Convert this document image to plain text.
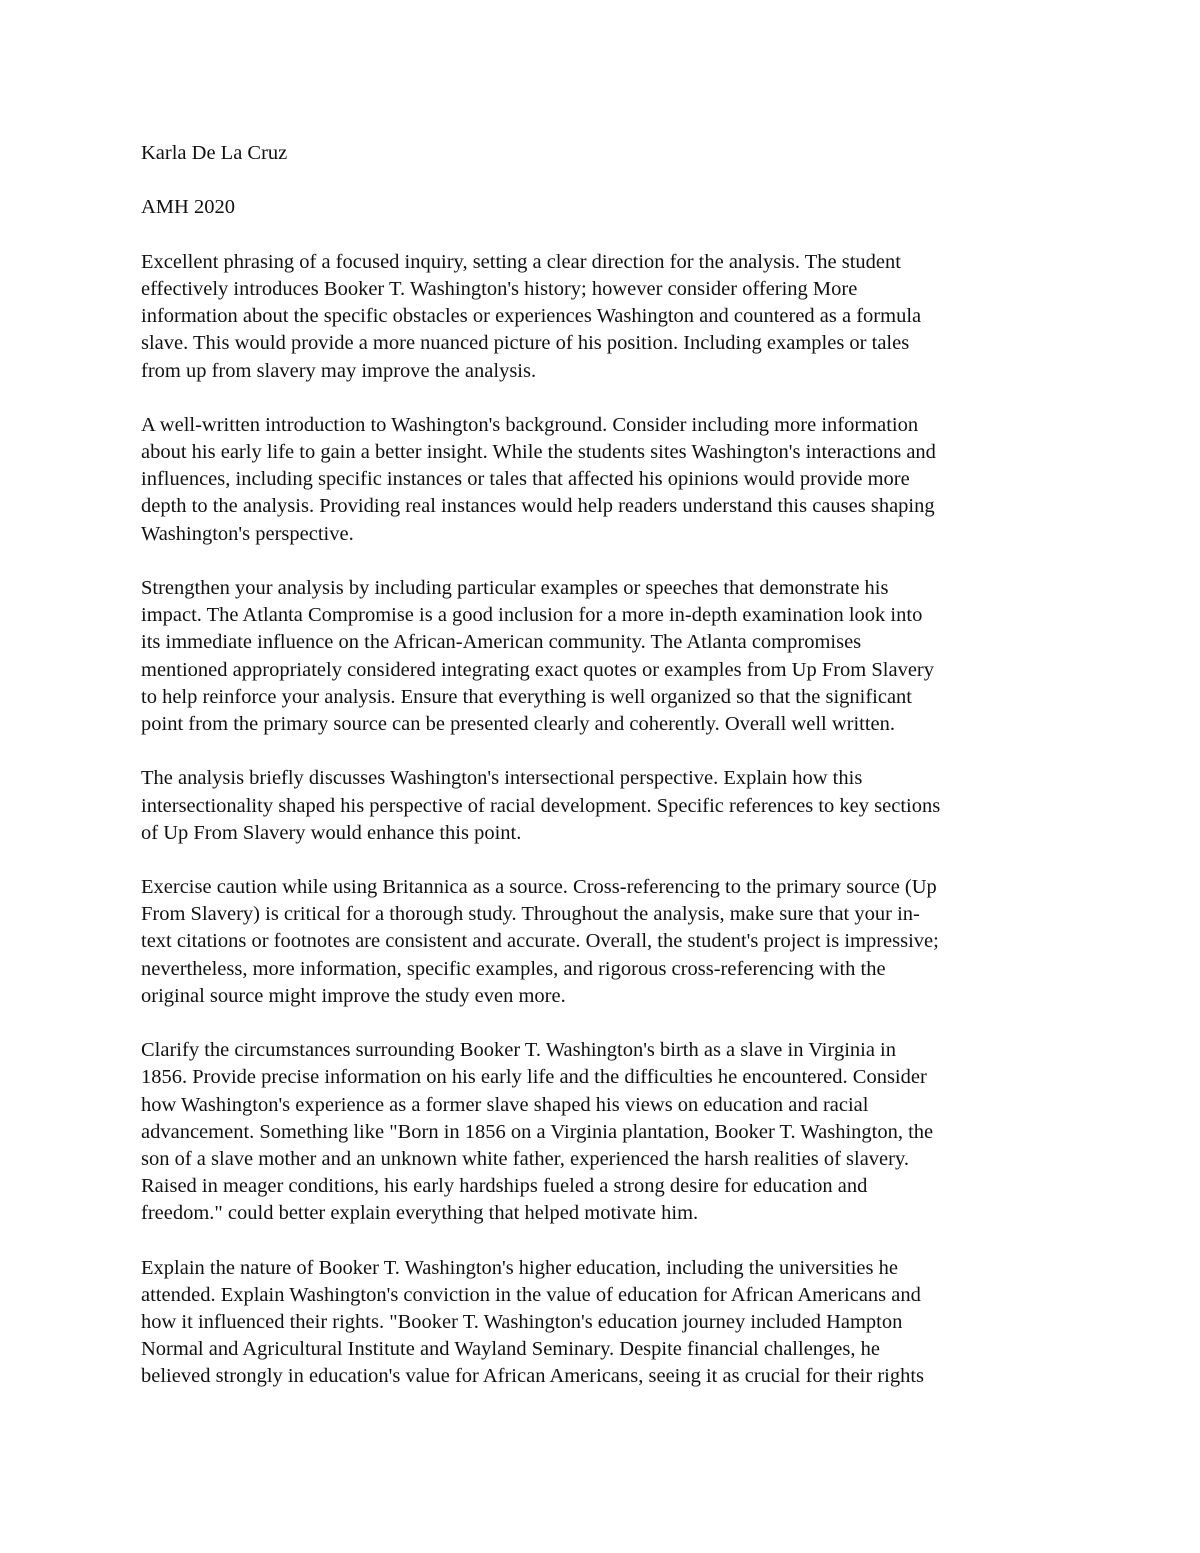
Karla De La Cruz
AMH 2020
Excellent phrasing of a focused inquiry, setting a clear direction for the analysis. The student
effectively introduces Booker T. Washington's history; however consider offering More
information about the specific obstacles or experiences Washington and countered as a formula
slave. This would provide a more nuanced picture of his position. Including examples or tales
from up from slavery may improve the analysis.
A well-written introduction to Washington's background. Consider including more information
about his early life to gain a better insight. While the students sites Washington's interactions and
influences, including specific instances or tales that affected his opinions would provide more
depth to the analysis. Providing real instances would help readers understand this causes shaping
Washington's perspective.
Strengthen your analysis by including particular examples or speeches that demonstrate his
impact. The Atlanta Compromise is a good inclusion for a more in-depth examination look into
its immediate influence on the African-American community. The Atlanta compromises
mentioned appropriately considered integrating exact quotes or examples from Up From Slavery
to help reinforce your analysis. Ensure that everything is well organized so that the significant
point from the primary source can be presented clearly and coherently. Overall well written.
The analysis briefly discusses Washington's intersectional perspective. Explain how this
intersectionality shaped his perspective of racial development. Specific references to key sections
of Up From Slavery would enhance this point.
Exercise caution while using Britannica as a source. Cross-referencing to the primary source (Up
From Slavery) is critical for a thorough study. Throughout the analysis, make sure that your in-
text citations or footnotes are consistent and accurate. Overall, the student's project is impressive;
nevertheless, more information, specific examples, and rigorous cross-referencing with the
original source might improve the study even more.
Clarify the circumstances surrounding Booker T. Washington's birth as a slave in Virginia in
1856. Provide precise information on his early life and the difficulties he encountered. Consider
how Washington's experience as a former slave shaped his views on education and racial
advancement. Something like "Born in 1856 on a Virginia plantation, Booker T. Washington, the
son of a slave mother and an unknown white father, experienced the harsh realities of slavery.
Raised in meager conditions, his early hardships fueled a strong desire for education and
freedom." could better explain everything that helped motivate him.
Explain the nature of Booker T. Washington's higher education, including the universities he
attended. Explain Washington's conviction in the value of education for African Americans and
how it influenced their rights. "Booker T. Washington's education journey included Hampton
Normal and Agricultural Institute and Wayland Seminary. Despite financial challenges, he
believed strongly in education's value for African Americans, seeing it as crucial for their rights
